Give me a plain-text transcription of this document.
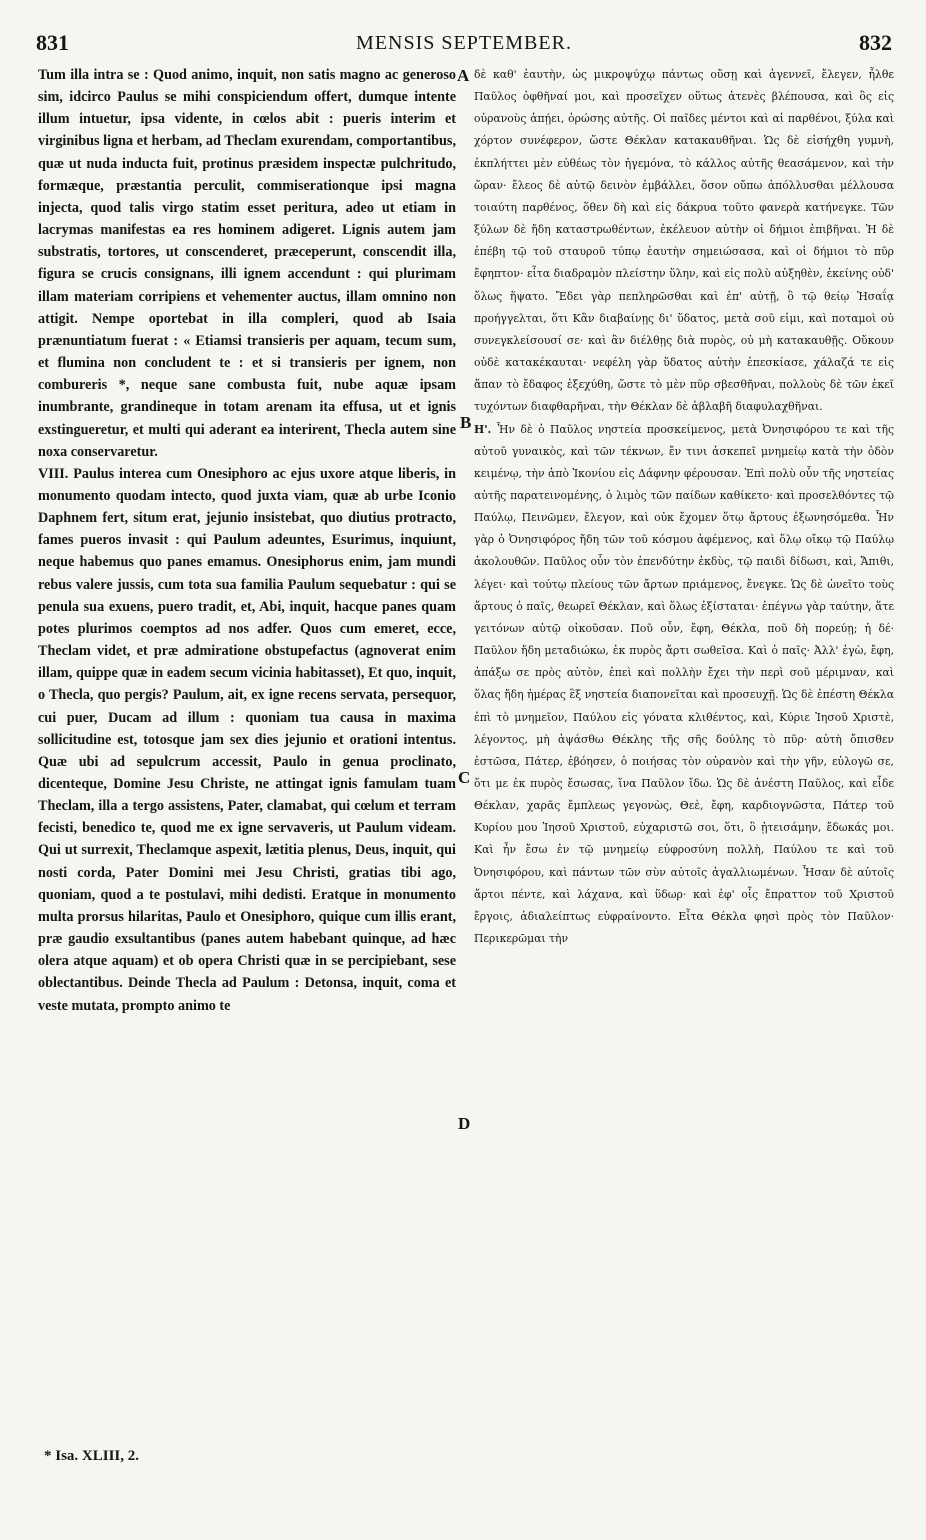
831	MENSIS SEPTEMBER.	832

Tum illa intra se : Quod animo, inquit, non satis magno ac generoso sim, idcirco Paulus se mihi conspiciendum offert, dumque intente illum intuetur, ipsa vidente, in cœlos abit : pueris interim et virginibus ligna et herbam, ad Theclam exurendam, comportantibus, quæ ut nuda inducta fuit, protinus præsidem inspectæ pulchritudo, formæque, præstantia perculit, commiserationque ipsi magna injecta, quod talis virgo statim esset peritura, adeo ut etiam in lacrymas manifestas ea res hominem adigeret. Lignis autem jam substratis, tortores, ut conscenderet, præceperunt, conscendit illa, figura se crucis consignans, illi ignem accendunt : qui plurimam illam materiam corripiens et vehementer auctus, illam omnino non attigit. Nempe oportebat in illa compleri, quod ab Isaia prænuntiatum fuerat : « Etiamsi transieris per aquam, tecum sum, et flumina non concludent te : et si transieris per ignem, non combureris *, neque sane combusta fuit, nube aquæ ipsam inumbrante, grandineque in totam arenam ita effusa, ut et ignis exstingueretur, et multi qui aderant ea interirent, Thecla autem sine noxa conservaretur.

VIII. Paulus interea cum Onesiphoro ac ejus uxore atque liberis, in monumento quodam intecto, quod juxta viam, quæ ab urbe Iconio Daphnem fert, situm erat, jejunio insistebat, quo diutius protracto, fames pueros invasit : qui Paulum adeuntes, Esurimus, inquiunt, neque habemus quo panes emamus. Onesiphorus enim, jam mundi rebus valere jussis, cum tota sua familia Paulum sequebatur : qui se penula sua exuens, puero tradit, et, Abi, inquit, hacque panes quam potes plurimos coemptos ad nos adfer. Quos cum emeret, ecce, Theclam videt, et præ admiratione obstupefactus (agnoverat enim illam, quippe quæ in eadem secum vicinia habitasset), Et quo, inquit, o Thecla, quo pergis? Paulum, ait, ex igne recens servata, persequor, cui puer, Ducam ad illum : quoniam tua causa in maxima sollicitudine est, totosque jam sex dies jejunio et orationi intentus. Quæ ubi ad sepulcrum accessit, Paulo in genua proclinato, dicenteque, Domine Jesu Christe, ne attingat ignis famulam tuam Theclam, illa a tergo assistens, Pater, clamabat, qui cœlum et terram fecisti, benedico te, quod me ex igne servaveris, ut Paulum videam. Qui ut surrexit, Theclamque aspexit, lætitia plenus, Deus, inquit, qui nosti corda, Pater Domini mei Jesu Christi, gratias tibi ago, quoniam, quod a te postulavi, mihi dedisti. Eratque in monumento multa prorsus hilaritas, Paulo et Onesiphoro, quique cum illis erant, præ gaudio exsultantibus (panes autem habebant quinque, ad hæc olera atque aquam) et ob opera Christi quæ in se percipiebant, sese oblectantibus. Deinde Thecla ad Paulum : Detonsa, inquit, coma et veste mutata, prompto animo te

δὲ καθ' ἑαυτὴν, ὡς μικροψύχῳ πάντως οὔσῃ καὶ ἀγεννεῖ, ἔλεγεν, ἦλθε Παῦλος ὀφθῆναί μοι, καὶ προσεῖχεν οὕτως ἀτενὲς βλέπουσα, καὶ ὃς εἰς οὐρανοὺς ἀπῄει, ὁρώσης αὐτῆς. Οἱ παῖδες μέντοι καὶ αἱ παρθένοι, ξύλα καὶ χόρτον συνέφερον, ὥστε Θέκλαν κατακαυθῆναι. Ὡς δὲ εἰσήχθη γυμνὴ, ἐκπλήττει μὲν εὐθέως τὸν ἡγεμόνα, τὸ κάλλος αὐτῆς θεασάμενον, καὶ τὴν ὥραν· ἔλεος δὲ αὐτῷ δεινὸν ἐμβάλλει, ὅσον οὔπω ἀπόλλυσθαι μέλλουσα τοιαύτη παρθένος, ὅθεν δὴ καὶ εἰς δάκρυα τοῦτο φανερὰ κατήνεγκε. Τῶν ξύλων δὲ ἤδη καταστρωθέντων, ἐκέλευον αὐτὴν οἱ δήμιοι ἐπιβῆναι. Ἡ δὲ ἐπέβη τῷ τοῦ σταυροῦ τύπῳ ἑαυτὴν σημειώσασα, καὶ οἱ δήμιοι τὸ πῦρ ἔφηπτον· εἶτα διαδραμὸν πλείστην ὕλην, καὶ εἰς πολὺ αὐξηθὲν, ἐκείνης οὐδ' ὅλως ἥψατο. Ἔδει γὰρ πεπληρῶσθαι καὶ ἐπ' αὐτῇ, ὃ τῷ θείῳ Ἡσαΐᾳ προήγγελται, ὅτι Κἂν διαβαίνῃς δι' ὕδατος, μετὰ σοῦ εἰμι, καὶ ποταμοὶ οὐ συνεγκλείσουσί σε· καὶ ἂν διέλθῃς διὰ πυρὸς, οὐ μὴ κατακαυθῇς. Οὔκουν οὐδὲ κατακέκαυται· νεφέλη γὰρ ὕδατος αὐτὴν ἐπεσκίασε, χάλαζά τε εἰς ἅπαν τὸ ἔδαφος ἐξεχύθη, ὥστε τὸ μὲν πῦρ σβεσθῆναι, πολλοὺς δὲ τῶν ἐκεῖ τυχόντων διαφθαρῆναι, τὴν Θέκλαν δὲ ἀβλαβῆ διαφυλαχθῆναι.

Η'. Ἦν δὲ ὁ Παῦλος νηστεία προσκείμενος, μετὰ Ὀνησιφόρου τε καὶ τῆς αὐτοῦ γυναικὸς, καὶ τῶν τέκνων, ἔν τινι ἀσκεπεῖ μνημείῳ κατὰ τὴν ὁδὸν κειμένῳ, τὴν ἀπὸ Ἰκονίου εἰς Δάφνην φέρουσαν. Ἐπὶ πολὺ οὖν τῆς νηστείας αὐτῆς παρατεινομένης, ὁ λιμὸς τῶν παίδων καθίκετο· καὶ προσελθόντες τῷ Παύλῳ, Πεινῶμεν, ἔλεγον, καὶ οὐκ ἔχομεν ὅτῳ ἄρτους ἐξωνησόμεθα. Ἦν γὰρ ὁ Ὀνησιφόρος ἤδη τῶν τοῦ κόσμου ἀφέμενος, καὶ ὅλῳ οἴκῳ τῷ Παύλῳ ἀκολουθῶν. Παῦλος οὖν τὸν ἐπενδύτην ἐκδὺς, τῷ παιδὶ δίδωσι, καὶ, Ἄπιθι, λέγει· καὶ τούτῳ πλείους τῶν ἄρτων πριάμενος, ἔνεγκε. Ὡς δὲ ὠνεῖτο τοὺς ἄρτους ὁ παῖς, θεωρεῖ Θέκλαν, καὶ ὅλως ἐξίσταται· ἐπέγνω γὰρ ταύτην, ἅτε γειτόνων αὐτῷ οἰκοῦσαν. Ποῦ οὖν, ἔφη, Θέκλα, ποῦ δὴ πορεύῃ; ἡ δέ· Παῦλον ἤδη μεταδιώκω, ἐκ πυρὸς ἄρτι σωθεῖσα. Καὶ ὁ παῖς· Ἀλλ' ἐγὼ, ἔφη, ἀπάξω σε πρὸς αὐτὸν, ἐπεὶ καὶ πολλὴν ἔχει τὴν περὶ σοῦ μέριμναν, καὶ ὅλας ἤδη ἡμέρας ἓξ νηστεία διαπονεῖται καὶ προσευχῇ. Ὡς δὲ ἐπέστη Θέκλα ἐπὶ τὸ μνημεῖον, Παύλου εἰς γόνατα κλιθέντος, καὶ, Κύριε Ἰησοῦ Χριστὲ, λέγοντος, μὴ ἁψάσθω Θέκλης τῆς σῆς δούλης τὸ πῦρ· αὐτὴ ὄπισθεν ἑστῶσα, Πάτερ, ἐβόησεν, ὁ ποιήσας τὸν οὐρανὸν καὶ τὴν γῆν, εὐλογῶ σε, ὅτι με ἐκ πυρὸς ἔσωσας, ἵνα Παῦλον ἴδω. Ὡς δὲ ἀνέστη Παῦλος, καὶ εἶδε Θέκλαν, χαρᾶς ἔμπλεως γεγονὼς, Θεὲ, ἔφη, καρδιογνῶστα, Πάτερ τοῦ Κυρίου μου Ἰησοῦ Χριστοῦ, εὐχαριστῶ σοι, ὅτι, ὃ ᾐτεισάμην, ἔδωκάς μοι. Καὶ ἦν ἔσω ἐν τῷ μνημείῳ εὐφροσύνη πολλὴ, Παύλου τε καὶ τοῦ Ὀνησιφόρου, καὶ πάντων τῶν σὺν αὐτοῖς ἀγαλλιωμένων. Ἦσαν δὲ αὐτοῖς ἄρτοι πέντε, καὶ λάχανα, καὶ ὕδωρ· καὶ ἐφ' οἷς ἔπραττον τοῦ Χριστοῦ ἔργοις, ἀδιαλείπτως εὐφραίνοντο. Εἶτα Θέκλα φησὶ πρὸς τὸν Παῦλον· Περικερῶμαι τὴν

A
B
C
D
* Isa. XLIII, 2.
